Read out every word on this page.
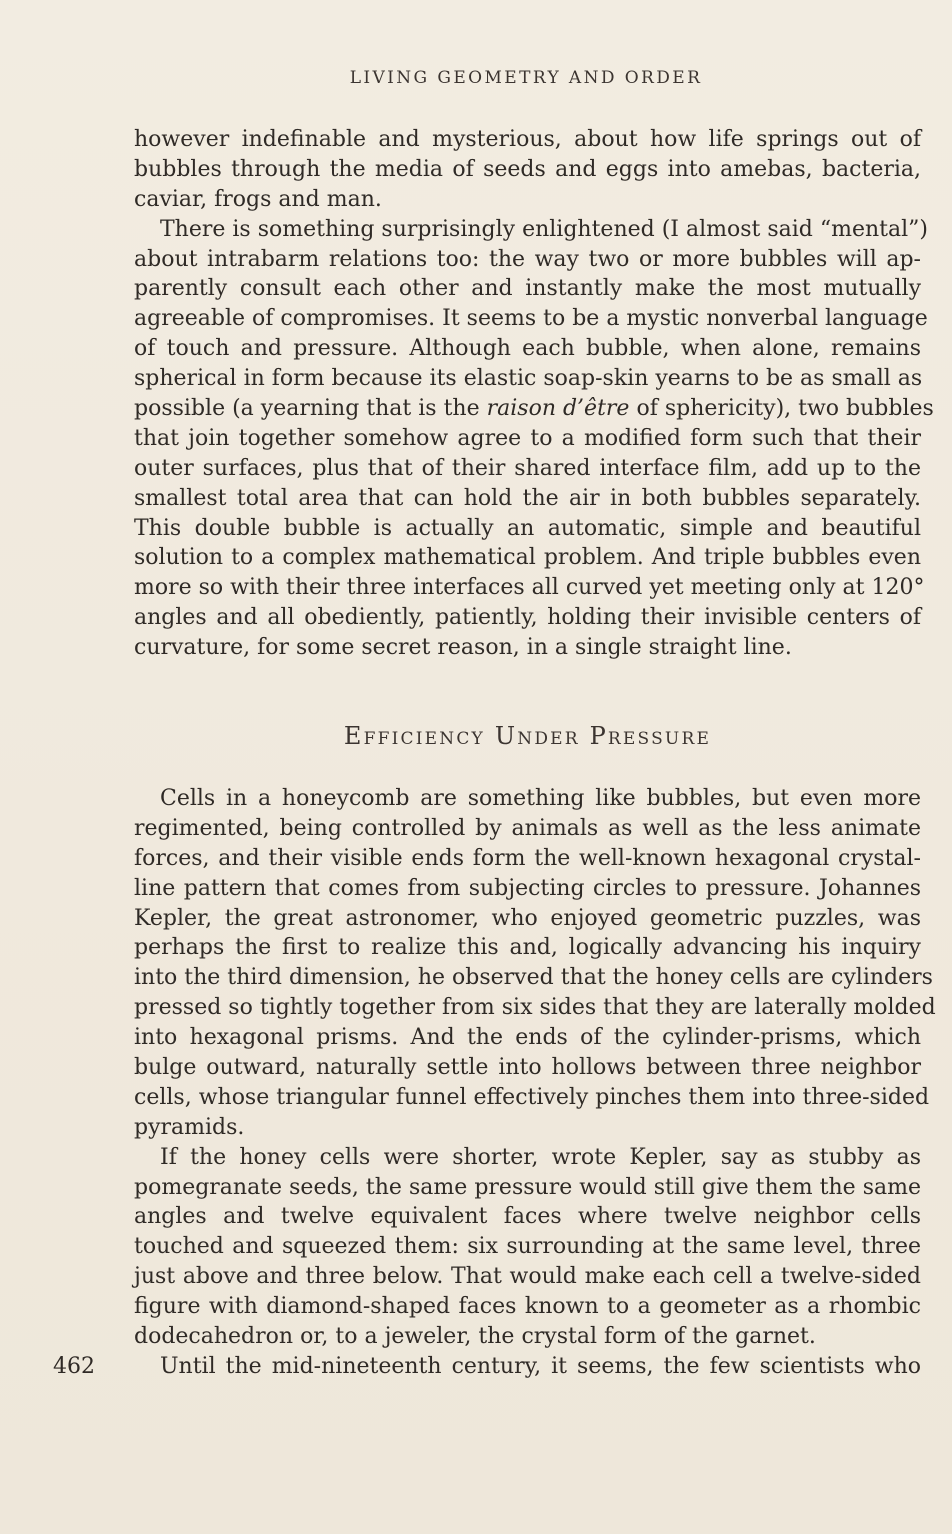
LIVING GEOMETRY AND ORDER
however indefinable and mysterious, about how life springs out of
bubbles through the media of seeds and eggs into amebas, bacteria,
caviar, frogs and man.
There is something surprisingly enlightened (I almost said “mental”)
about intrabarm relations too: the way two or more bubbles will ap-
parently consult each other and instantly make the most mutually
agreeable of compromises. It seems to be a mystic nonverbal language
of touch and pressure. Although each bubble, when alone, remains
spherical in form because its elastic soap-skin yearns to be as small as
possible (a yearning that is the raison d’être of sphericity), two bubbles
that join together somehow agree to a modified form such that their
outer surfaces, plus that of their shared interface film, add up to the
smallest total area that can hold the air in both bubbles separately.
This double bubble is actually an automatic, simple and beautiful
solution to a complex mathematical problem. And triple bubbles even
more so with their three interfaces all curved yet meeting only at 120°
angles and all obediently, patiently, holding their invisible centers of
curvature, for some secret reason, in a single straight line.
Efficiency Under Pressure
Cells in a honeycomb are something like bubbles, but even more
regimented, being controlled by animals as well as the less animate
forces, and their visible ends form the well-known hexagonal crystal-
line pattern that comes from subjecting circles to pressure. Johannes
Kepler, the great astronomer, who enjoyed geometric puzzles, was
perhaps the first to realize this and, logically advancing his inquiry
into the third dimension, he observed that the honey cells are cylinders
pressed so tightly together from six sides that they are laterally molded
into hexagonal prisms. And the ends of the cylinder-prisms, which
bulge outward, naturally settle into hollows between three neighbor
cells, whose triangular funnel effectively pinches them into three-sided
pyramids.
If the honey cells were shorter, wrote Kepler, say as stubby as
pomegranate seeds, the same pressure would still give them the same
angles and twelve equivalent faces where twelve neighbor cells
touched and squeezed them: six surrounding at the same level, three
just above and three below. That would make each cell a twelve-sided
figure with diamond-shaped faces known to a geometer as a rhombic
dodecahedron or, to a jeweler, the crystal form of the garnet.
Until the mid-nineteenth century, it seems, the few scientists who
462
